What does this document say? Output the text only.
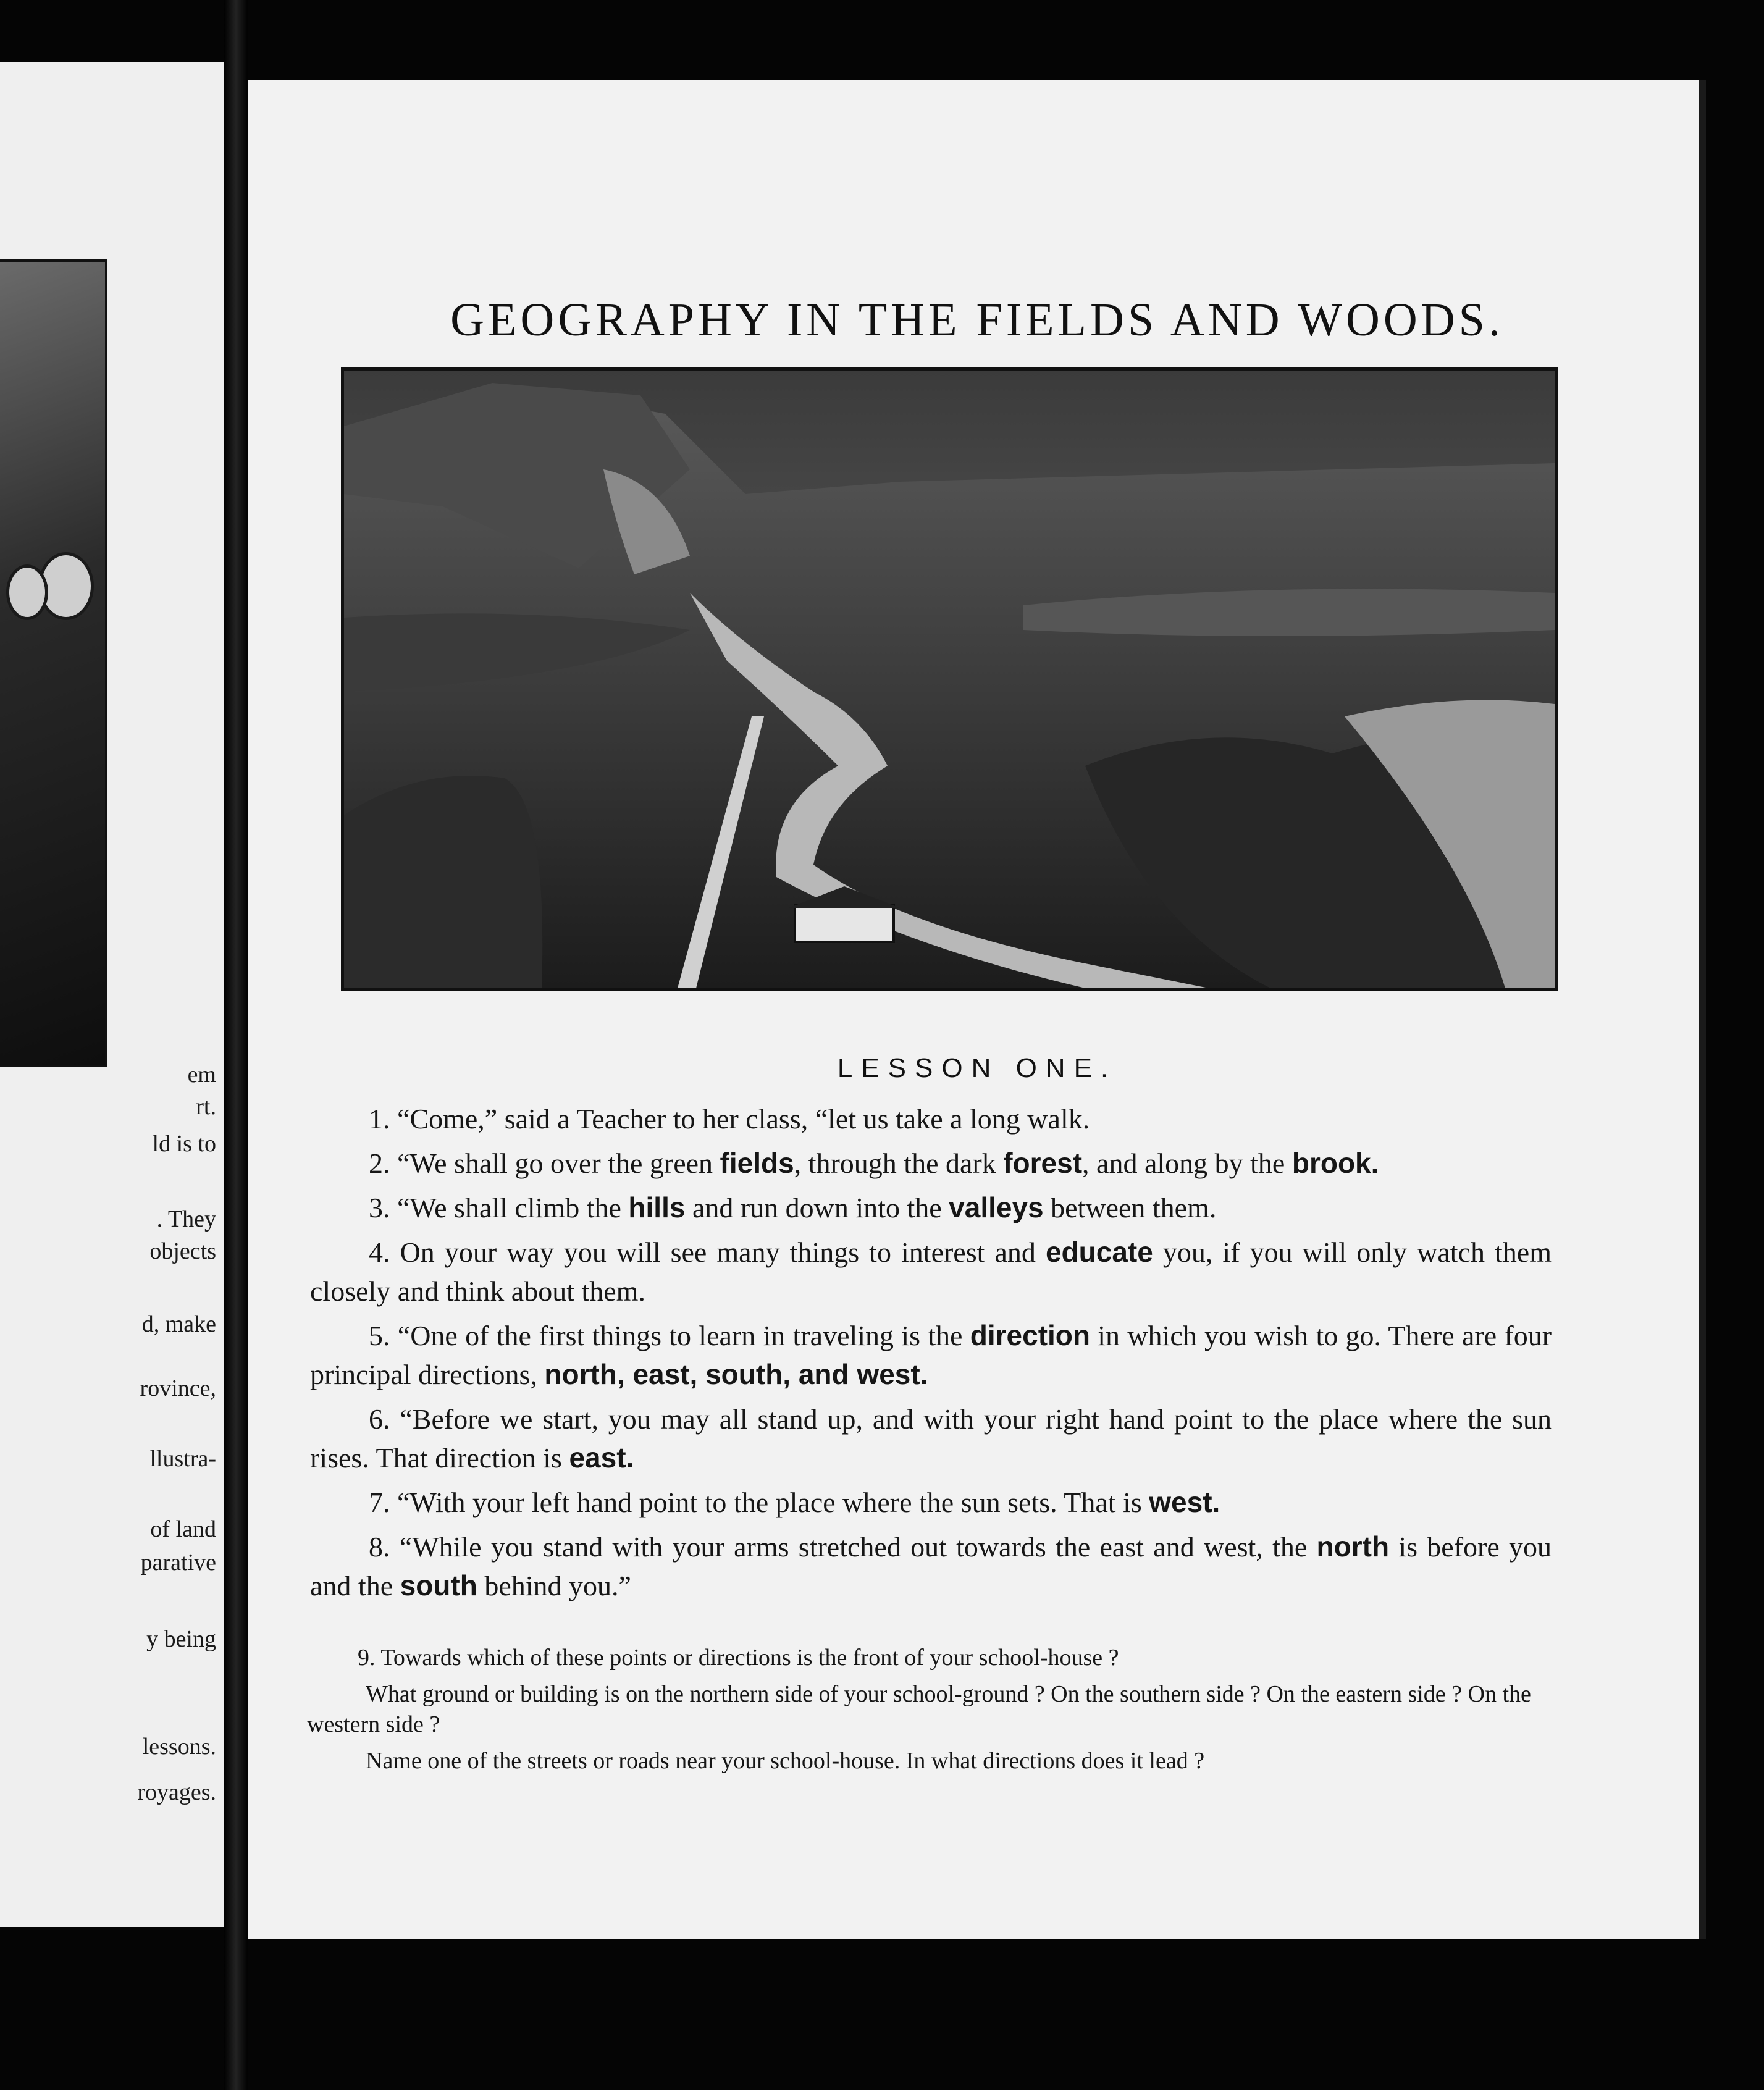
em
rt.
ld is to
. They
objects
d, make
rovince,
llustra-
of land
parative
y being
lessons.
royages.
GEOGRAPHY IN THE FIELDS AND WOODS.
LESSON ONE.

1. “Come,” said a Teacher to her class, “let us take a long walk.

2. “We shall go over the green fields, through the dark forest, and along by the brook.

3. “We shall climb the hills and run down into the valleys between them.

4. On your way you will see many things to interest and educate you, if you will only watch them closely and think about them.

5. “One of the first things to learn in traveling is the direction in which you wish to go. There are four principal directions, north, east, south, and west.

6. “Before we start, you may all stand up, and with your right hand point to the place where the sun rises. That direction is east.

7. “With your left hand point to the place where the sun sets. That is west.

8. “While you stand with your arms stretched out towards the east and west, the north is before you and the south behind you.”

9. Towards which of these points or directions is the front of your school-house ?

What ground or building is on the northern side of your school-ground ? On the southern side ? On the eastern side ? On the western side ?

Name one of the streets or roads near your school-house. In what directions does it lead ?
